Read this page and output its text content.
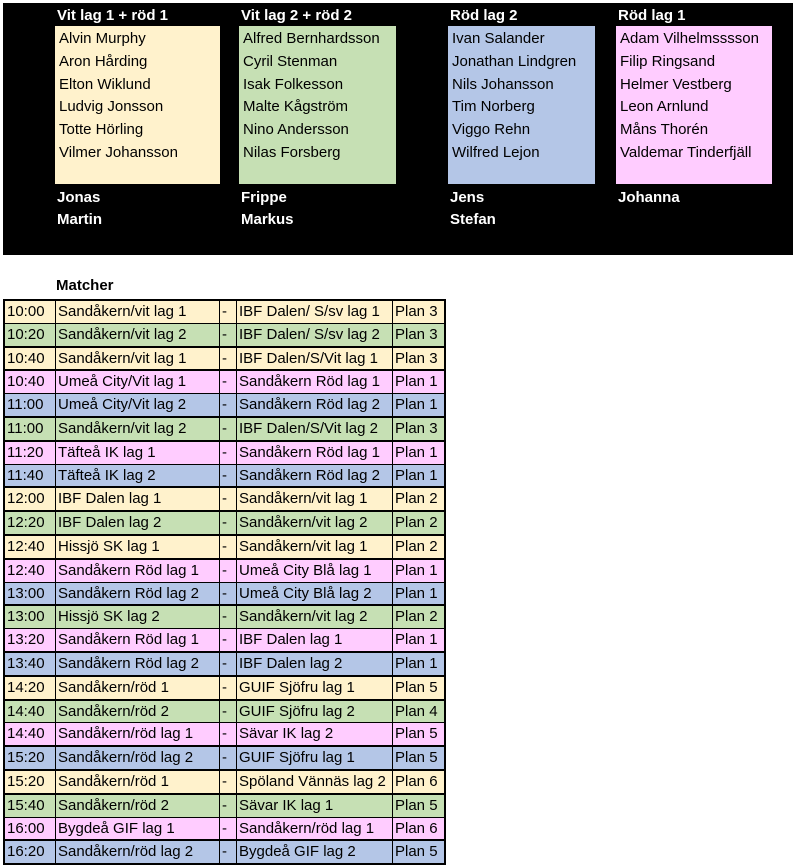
Vit lag 1 + röd 1
Alvin Murphy
Aron Hårding
Elton Wiklund
Ludvig Jonsson
Totte Hörling
Vilmer Johansson
Jonas
Martin
Vit lag 2 + röd 2
Alfred Bernhardsson
Cyril Stenman
Isak Folkesson
Malte Kågström
Nino Andersson
Nilas Forsberg
Frippe
Markus
Röd lag 2
Ivan Salander
Jonathan Lindgren
Nils Johansson
Tim Norberg
Viggo Rehn
Wilfred Lejon
Jens
Stefan
Röd lag 1
Adam Vilhelmsssson
Filip Ringsand
Helmer Vestberg
Leon Arnlund
Måns Thorén
Valdemar Tinderfjäll
Johanna
Matcher
10:00	Sandåkern/vit lag 1	-	IBF Dalen/ S/sv lag 1	Plan 3
10:20	Sandåkern/vit lag 2	-	IBF Dalen/ S/sv lag 2	Plan 3
10:40	Sandåkern/vit lag 1	-	IBF Dalen/S/Vit lag 1	Plan 3
10:40	Umeå City/Vit lag 1	-	Sandåkern Röd lag 1	Plan 1
11:00	Umeå City/Vit lag 2	-	Sandåkern Röd lag 2	Plan 1
11:00	Sandåkern/vit lag 2	-	IBF Dalen/S/Vit lag 2	Plan 3
11:20	Täfteå IK lag 1	-	Sandåkern Röd lag 1	Plan 1
11:40	Täfteå IK lag 2	-	Sandåkern Röd lag 2	Plan 1
12:00	IBF Dalen lag 1	-	Sandåkern/vit lag 1	Plan 2
12:20	IBF Dalen lag 2	-	Sandåkern/vit lag 2	Plan 2
12:40	Hissjö SK lag 1	-	Sandåkern/vit lag 1	Plan 2
12:40	Sandåkern Röd lag 1	-	Umeå City Blå lag 1	Plan 1
13:00	Sandåkern Röd lag 2	-	Umeå City Blå lag 2	Plan 1
13:00	Hissjö SK lag 2	-	Sandåkern/vit lag 2	Plan 2
13:20	Sandåkern Röd lag 1	-	IBF Dalen lag 1	Plan 1
13:40	Sandåkern Röd lag 2	-	IBF Dalen lag 2	Plan 1
14:20	Sandåkern/röd 1	-	GUIF Sjöfru lag 1	Plan 5
14:40	Sandåkern/röd 2	-	GUIF Sjöfru lag 2	Plan 4
14:40	Sandåkern/röd lag 1	-	Sävar IK lag 2	Plan 5
15:20	Sandåkern/röd lag 2	-	GUIF Sjöfru lag 1	Plan 5
15:20	Sandåkern/röd 1	-	Spöland Vännäs lag 2	Plan 6
15:40	Sandåkern/röd 2	-	Sävar IK lag 1	Plan 5
16:00	Bygdeå GIF lag 1	-	Sandåkern/röd lag 1	Plan 6
16:20	Sandåkern/röd lag 2	-	Bygdeå GIF lag 2	Plan 5
